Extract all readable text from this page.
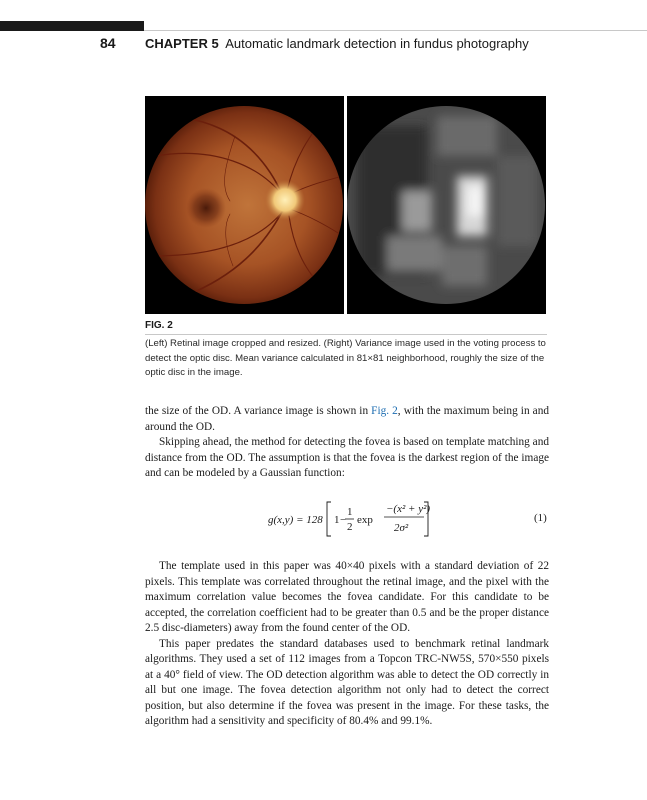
84 CHAPTER 5 Automatic landmark detection in fundus photography
FIG. 2
(Left) Retinal image cropped and resized. (Right) Variance image used in the voting process to detect the optic disc. Mean variance calculated in 81×81 neighborhood, roughly the size of the optic disc in the image.

the size of the OD. A variance image is shown in Fig. 2, with the maximum being in and around the OD.

Skipping ahead, the method for detecting the fovea is based on template matching and distance from the OD. The assumption is that the fovea is the darkest region of the image and can be modeled by a Gaussian function:

g(x,y) = 128 1 −
1
2
exp
−(x² + y²)
2σ²
(1)

The template used in this paper was 40×40 pixels with a standard deviation of 22 pixels. This template was correlated throughout the retinal image, and the pixel with the maximum correlation value becomes the fovea candidate. For this candidate to be accepted, the correlation coefficient had to be greater than 0.5 and be the proper distance 2.5 disc-diameters) away from the found center of the OD.

This paper predates the standard databases used to benchmark retinal landmark algorithms. They used a set of 112 images from a Topcon TRC-NW5S, 570×550 pixels at a 40° field of view. The OD detection algorithm was able to detect the OD correctly in all but one image. The fovea detection algorithm not only had to detect the correct position, but also determine if the fovea was present in the image. For these tasks, the algorithm had a sensitivity and specificity of 80.4% and 99.1%.
